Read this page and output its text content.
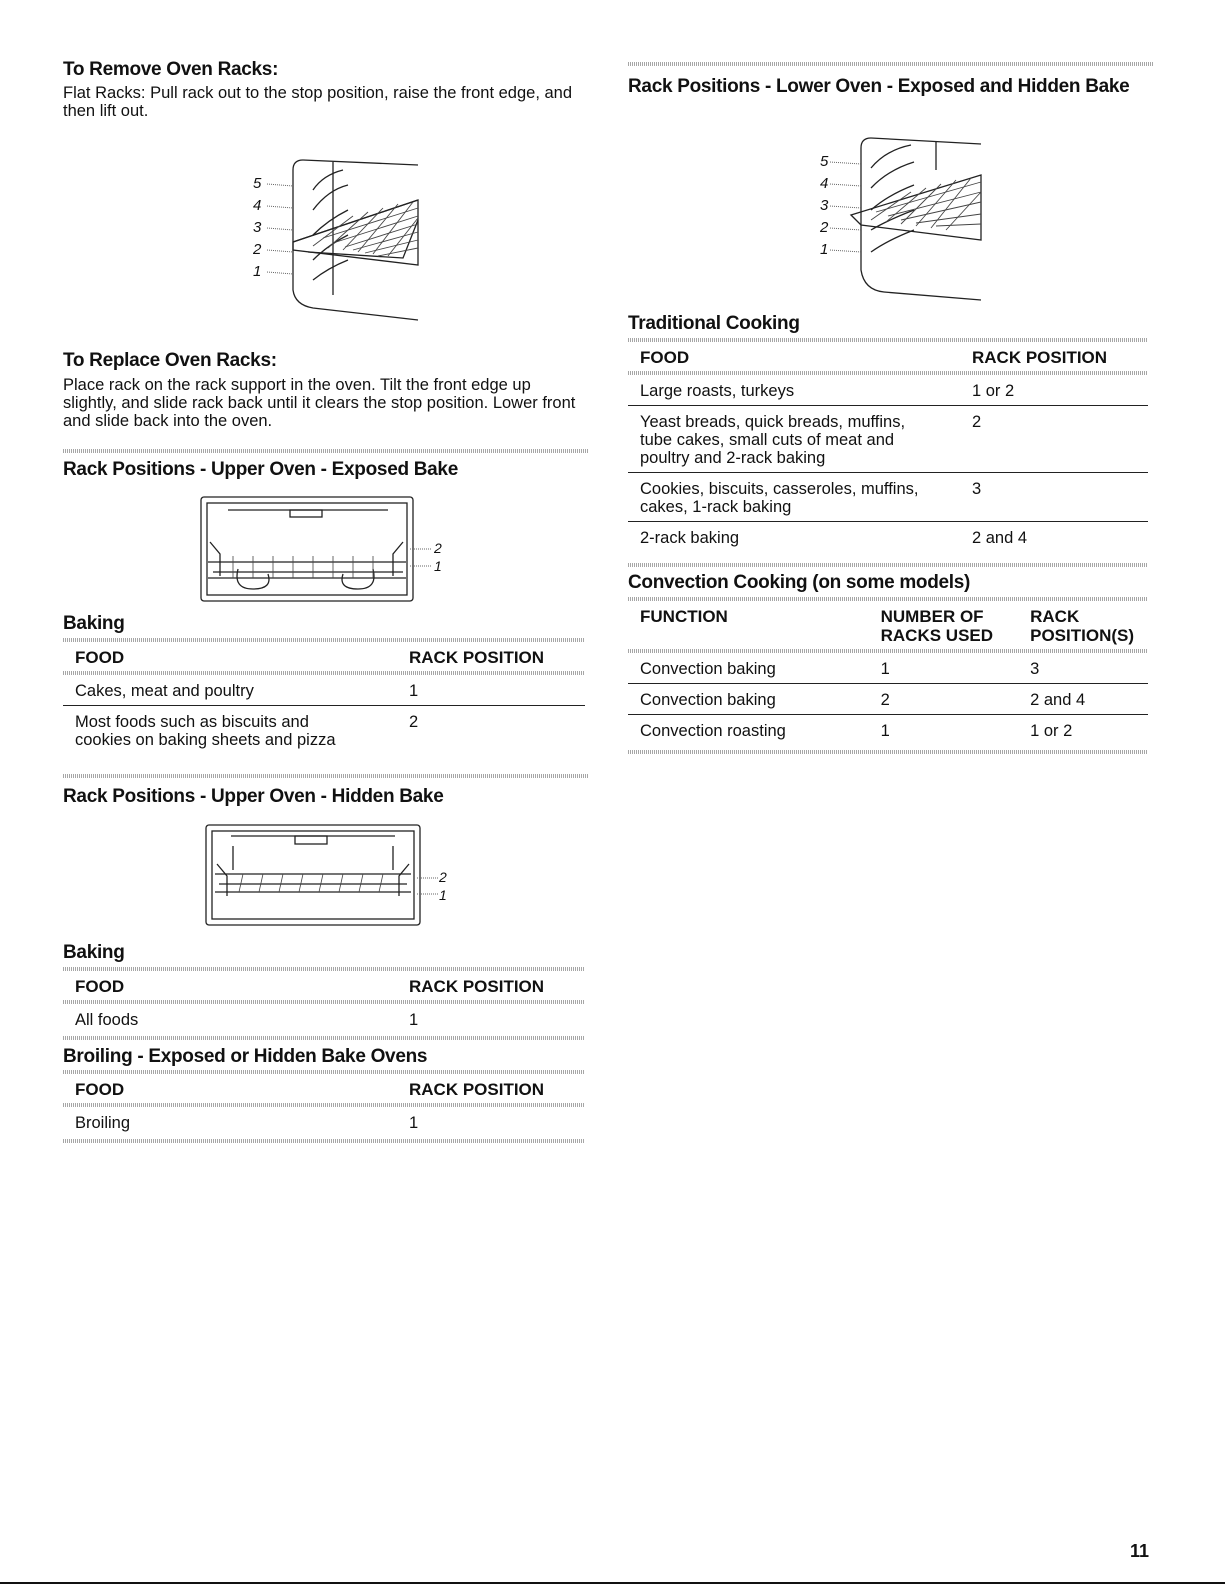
To Remove Oven Racks:
Flat Racks: Pull rack out to the stop position, raise the front edge, and then lift out.
5
4
3
2
1
To Replace Oven Racks:
Place rack on the rack support in the oven. Tilt the front edge up slightly, and slide rack back until it clears the stop position. Lower front and slide back into the oven.
Rack Positions - Upper Oven - Exposed Bake
2
1
Baking
FOOD	RACK POSITION

Cakes, meat and poultry	1
Most foods such as biscuits and cookies on baking sheets and pizza	2
Rack Positions - Upper Oven - Hidden Bake
2
1
Baking
FOOD	RACK POSITION

All foods	1
Broiling - Exposed or Hidden Bake Ovens
FOOD	RACK POSITION

Broiling	1
Rack Positions - Lower Oven - Exposed and Hidden Bake
5
4
3
2
1
Traditional Cooking
FOOD	RACK POSITION

Large roasts, turkeys	1 or 2
Yeast breads, quick breads, muffins, tube cakes, small cuts of meat and poultry and 2-rack baking	2
Cookies, biscuits, casseroles, muffins, cakes, 1-rack baking	3
2-rack baking	2 and 4
Convection Cooking (on some models)
FUNCTION	NUMBER OF RACKS USED	RACK POSITION(S)

Convection baking	1	3
Convection baking	2	2 and 4
Convection roasting	1	1 or 2
11
